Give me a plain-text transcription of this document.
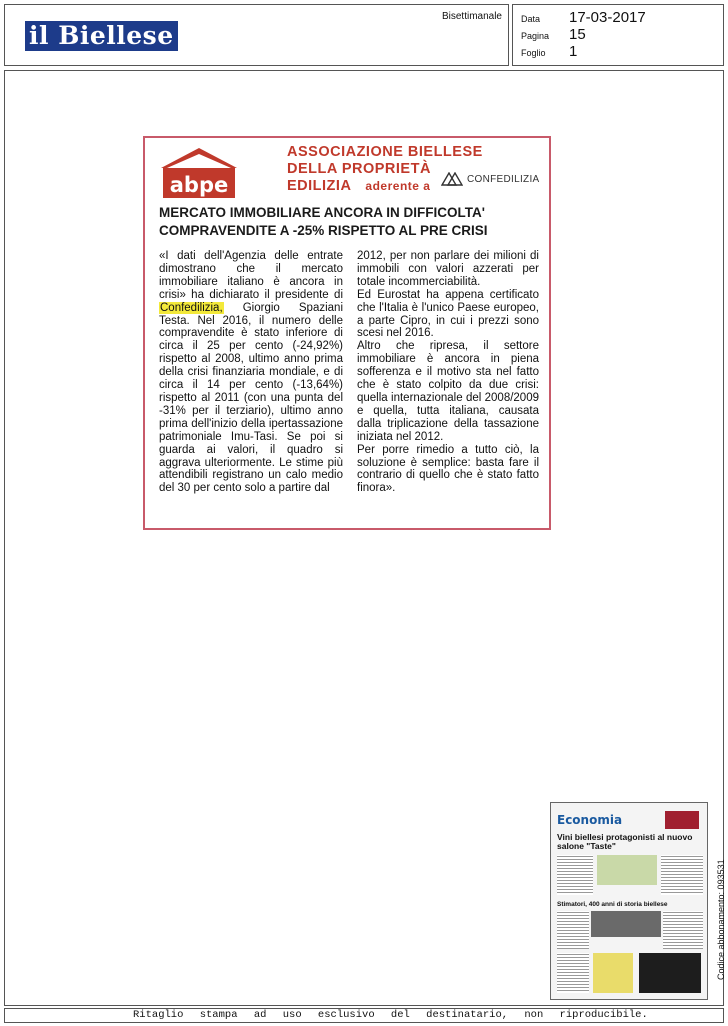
il Biellese
Bisettimanale Data	17-03-2017
Pagina	15
Foglio	1
abpe
ASSOCIAZIONE BIELLESE
DELLA PROPRIETÀ
EDILIZIA aderente a	CONFEDILIZIA
MERCATO IMMOBILIARE ANCORA IN DIFFICOLTA'
COMPRAVENDITE A -25% RISPETTO AL PRE CRISI

«I dati dell'Agenzia delle entrate dimostrano che il mercato immobiliare italiano è ancora in crisi» ha dichiarato il presidente di Confedilizia, Giorgio Spaziani Testa. Nel 2016, il numero delle compravendite è stato inferiore di circa il 25 per cento (-24,92%) rispetto al 2008, ultimo anno prima della crisi finanziaria mondiale, e di circa il 14 per cento (-13,64%) rispetto al 2011 (con una punta del -31% per il terziario), ultimo anno prima dell'inizio della ipertassazione patrimoniale Imu-Tasi. Se poi si guarda ai valori, il quadro si aggrava ulteriormente. Le stime più attendibili registrano un calo medio del 30 per cento solo a partire dal

2012, per non parlare dei milioni di immobili con valori azzerati per totale incommerciabilità.

Ed Eurostat ha appena certificato che l'Italia è l'unico Paese europeo, a parte Cipro, in cui i prezzi sono scesi nel 2016.

Altro che ripresa, il settore immobiliare è ancora in piena sofferenza e il motivo sta nel fatto che è stato colpito da due crisi: quella internazionale del 2008/2009 e quella, tutta italiana, causata dalla triplicazione della tassazione iniziata nel 2012.

Per porre rimedio a tutto ciò, la soluzione è semplice: basta fare il contrario di quello che è stato fatto finora».

Economia
Vini biellesi protagonisti al nuovo salone "Taste"
Stimatori, 400 anni di storia biellese	Codice abbonamento: 093531
Ritaglio stampa ad uso esclusivo del destinatario, non riproducibile.
